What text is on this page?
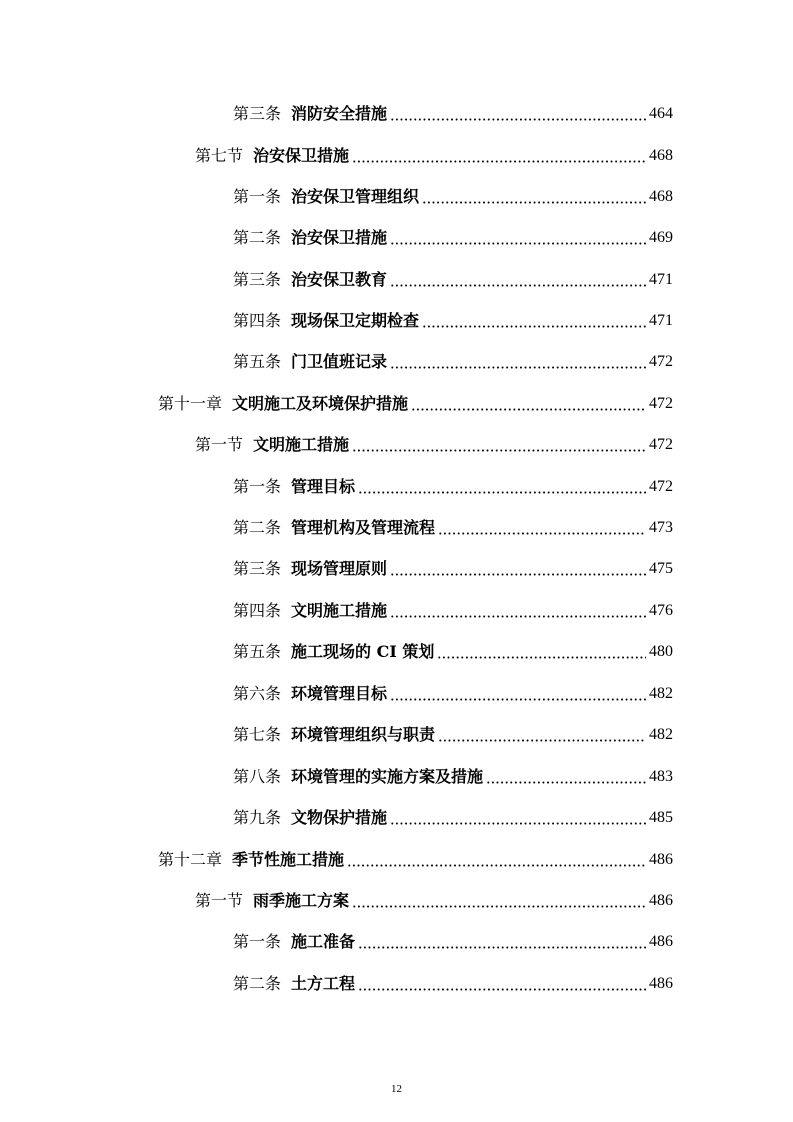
第三条 消防安全措施	464
第七节 治安保卫措施	468
第一条 治安保卫管理组织	468
第二条 治安保卫措施	469
第三条 治安保卫教育	471
第四条 现场保卫定期检查	471
第五条 门卫值班记录	472
第十一章 文明施工及环境保护措施	472
第一节 文明施工措施	472
第一条 管理目标	472
第二条 管理机构及管理流程	473
第三条 现场管理原则	475
第四条 文明施工措施	476
第五条 施工现场的 CI 策划	480
第六条 环境管理目标	482
第七条 环境管理组织与职责	482
第八条 环境管理的实施方案及措施	483
第九条 文物保护措施	485
第十二章 季节性施工措施	486
第一节 雨季施工方案	486
第一条 施工准备	486
第二条 土方工程	486
12
